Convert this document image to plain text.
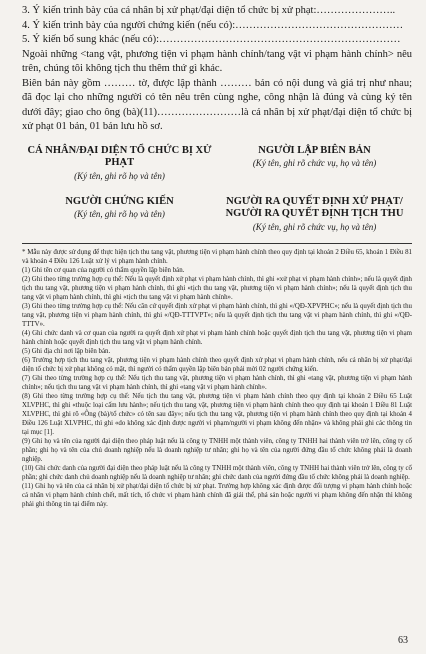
3. Ý kiến trình bày của cá nhân bị xử phạt/đại diện tổ chức bị xử phạt:…………………..

4. Ý kiến trình bày của người chứng kiến (nếu có):…………………………………………

5. Ý kiến bổ sung khác (nếu có):……………………………………………………………

Ngoài những <tang vật, phương tiện vi phạm hành chính/tang vật vi phạm hành chính> nêu trên, chúng tôi không tịch thu thêm thứ gì khác.

Biên bản này gồm ……… tờ, được lập thành ……… bản có nội dung và giá trị như nhau; đã đọc lại cho những người có tên nêu trên cùng nghe, công nhận là đúng và cùng ký tên dưới đây; giao cho ông (bà)(11)……………………là cá nhân bị xử phạt/đại diện tổ chức bị xử phạt 01 bản, 01 bản lưu hồ sơ.

CÁ NHÂN/ĐẠI DIỆN TỔ CHỨC BỊ XỬ PHẠT
(Ký tên, ghi rõ họ và tên)
NGƯỜI LẬP BIÊN BẢN
(Ký tên, ghi rõ chức vụ, họ và tên)
NGƯỜI CHỨNG KIẾN
(Ký tên, ghi rõ họ và tên)
NGƯỜI RA QUYẾT ĐỊNH XỬ PHẠT/ NGƯỜI RA QUYẾT ĐỊNH TỊCH THU
(Ký tên, ghi rõ chức vụ, họ và tên)

* Mẫu này được sử dụng để thực hiện tịch thu tang vật, phương tiện vi phạm hành chính theo quy định tại khoản 2 Điều 65, khoản 1 Điều 81 và khoản 4 Điều 126 Luật xử lý vi phạm hành chính.

(1) Ghi tên cơ quan của người có thẩm quyền lập biên bản.

(2) Ghi theo từng trường hợp cụ thể: Nếu là quyết định xử phạt vi phạm hành chính, thì ghi «xử phạt vi phạm hành chính»; nếu là quyết định tịch thu tang vật, phương tiện vi phạm hành chính, thì ghi «tịch thu tang vật, phương tiện vi phạm hành chính»; nếu là quyết định tịch thu tang vật vi phạm hành chính, thì ghi «tịch thu tang vật vi phạm hành chính».

(3) Ghi theo từng trường hợp cụ thể: Nếu căn cứ quyết định xử phạt vi phạm hành chính, thì ghi «/QĐ-XPVPHC»; nếu là quyết định tịch thu tang vật, phương tiện vi phạm hành chính, thì ghi «/QĐ-TTTVPT»; nếu là quyết định tịch thu tang vật vi phạm hành chính, thì ghi «/QĐ-TTTV».

(4) Ghi chức danh và cơ quan của người ra quyết định xử phạt vi phạm hành chính hoặc quyết định tịch thu tang vật, phương tiện vi phạm hành chính hoặc quyết định tịch thu tang vật vi phạm hành chính.

(5) Ghi địa chỉ nơi lập biên bản.

(6) Trường hợp tịch thu tang vật, phương tiện vi phạm hành chính theo quyết định xử phạt vi phạm hành chính, nếu cá nhân bị xử phạt/đại diện tổ chức bị xử phạt không có mặt, thì người có thẩm quyền lập biên bản phải mời 02 người chứng kiến.

(7) Ghi theo từng trường hợp cụ thể: Nếu tịch thu tang vật, phương tiện vi phạm hành chính, thì ghi «tang vật, phương tiện vi phạm hành chính»; nếu tịch thu tang vật vi phạm hành chính, thì ghi «tang vật vi phạm hành chính».

(8) Ghi theo từng trường hợp cụ thể: Nếu tịch thu tang vật, phương tiện vi phạm hành chính theo quy định tại khoản 2 Điều 65 Luật XLVPHC, thì ghi «thuộc loại cấm lưu hành»; nếu tịch thu tang vật, phương tiện vi phạm hành chính theo quy định tại khoản 1 Điều 81 Luật XLVPHC, thì ghi rõ «Ông (bà)/tổ chức» có tên sau đây»; nếu tịch thu tang vật, phương tiện vi phạm hành chính theo quy định tại khoản 4 Điều 126 Luật XLVPHC, thì ghi «do không xác định được người vi phạm/người vi phạm không đến nhận» và không phải ghi các thông tin tại mục [1].

(9) Ghi họ và tên của người đại diện theo pháp luật nếu là công ty TNHH một thành viên, công ty TNHH hai thành viên trở lên, công ty cổ phần; ghi họ và tên của chủ doanh nghiệp nếu là doanh nghiệp tư nhân; ghi họ và tên của người đứng đầu tổ chức không phải là doanh nghiệp.

(10) Ghi chức danh của người đại diện theo pháp luật nếu là công ty TNHH một thành viên, công ty TNHH hai thành viên trở lên, công ty cổ phần; ghi chức danh chủ doanh nghiệp nếu là doanh nghiệp tư nhân; ghi chức danh của người đứng đầu tổ chức không phải là doanh nghiệp.

(11) Ghi họ và tên của cá nhân bị xử phạt/đại diện tổ chức bị xử phạt. Trường hợp không xác định được đối tượng vi phạm hành chính hoặc cá nhân vi phạm hành chính chết, mất tích, tổ chức vi phạm hành chính đã giải thể, phá sản hoặc người vi phạm không đến nhận thì không phải ghi thông tin tại điểm này.

63
